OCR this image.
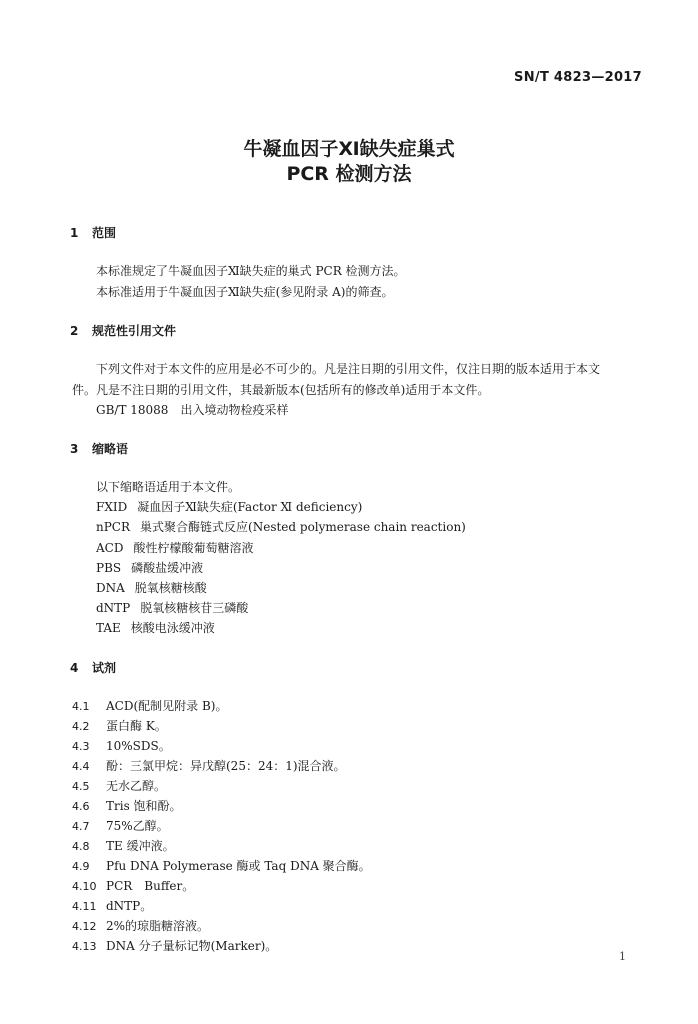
SN/T 4823—2017
牛凝血因子Ⅺ缺失症巢式
PCR 检测方法
1 范围
本标准规定了牛凝血因子Ⅺ缺失症的巢式 PCR 检测方法。
本标准适用于牛凝血因子Ⅺ缺失症(参见附录 A)的筛查。
2 规范性引用文件
下列文件对于本文件的应用是必不可少的。凡是注日期的引用文件，仅注日期的版本适用于本文
件。凡是不注日期的引用文件，其最新版本(包括所有的修改单)适用于本文件。
GB/T 18088 出入境动物检疫采样
3 缩略语
以下缩略语适用于本文件。
FXID 凝血因子Ⅺ缺失症(Factor Ⅺ deficiency)
nPCR 巢式聚合酶链式反应(Nested polymerase chain reaction)
ACD 酸性柠檬酸葡萄糖溶液
PBS 磷酸盐缓冲液
DNA 脱氧核糖核酸
dNTP 脱氧核糖核苷三磷酸
TAE 核酸电泳缓冲液
4 试剂
4.1 ACD(配制见附录 B)。
4.2 蛋白酶 K。
4.3 10%SDS。
4.4 酚：三氯甲烷：异戊醇(25：24：1)混合液。
4.5 无水乙醇。
4.6 Tris 饱和酚。
4.7 75%乙醇。
4.8 TE 缓冲液。
4.9 Pfu DNA Polymerase 酶或 Taq DNA 聚合酶。
4.10 PCR　Buffer。
4.11 dNTP。
4.12 2%的琼脂糖溶液。
4.13 DNA 分子量标记物(Marker)。
1
